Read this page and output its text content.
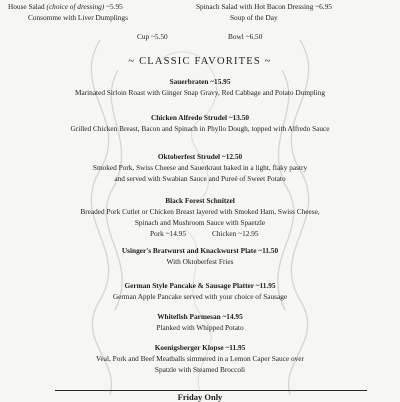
House Salad (choice of dressing) ~5.95	Spinach Salad with Hot Bacon Dressing ~6.95
Consomme with Liver Dumplings	Soup of the Day
Cup ~5.50	Bowl ~6.50
~ CLASSIC FAVORITES ~
Sauerbraten ~15.95
Marinated Sirloin Roast with Ginger Snap Gravy, Red Cabbage and Potato Dumpling
Chicken Alfredo Strudel ~13.50
Grilled Chicken Breast, Bacon and Spinach in Phyllo Dough, topped with Alfredo Sauce
Oktoberfest Strudel ~12.50
Smoked Pork, Swiss Cheese and Sauerkraut baked in a light, flaky pastry
and served with Swabian Sauce and Pureé of Sweet Potato
Black Forest Schnitzel
Breaded Pork Cutlet or Chicken Breast layered with Smoked Ham, Swiss Cheese,
Spinach and Mushroom Sauce with Spaetzle
Pork ~14.95	Chicken ~12.95
Usinger's Bratwurst and Knackwurst Plate ~11.50
With Oktoberfest Fries
German Style Pancake & Sausage Platter ~11.95
German Apple Pancake served with your choice of Sausage
Whitefish Parmesan ~14.95
Planked with Whipped Potato
Koenigsberger Klopse ~11.95
Veal, Pork and Beef Meatballs simmered in a Lemon Caper Sauce over
Spatzle with Steamed Broccoli
Friday Only
